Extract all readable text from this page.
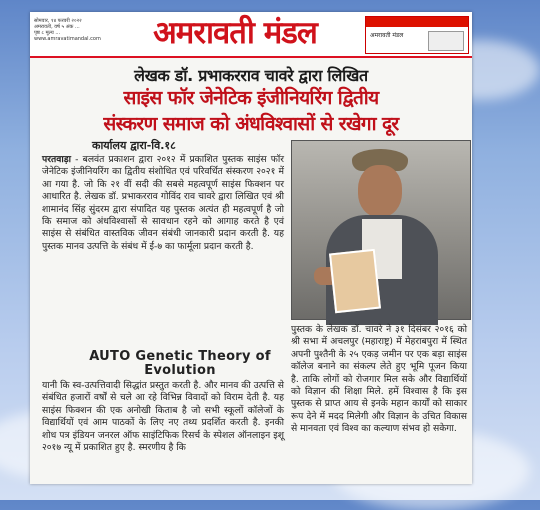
सोमवार, १४ फरवरी २०२२
अमरावती, वर्ष ५ अंक ...
पृष्ठ ८ मूल्य ...
www.amravatimandal.com	अमरावती मंडल	अमरावती मंडल
लेखक डॉ. प्रभाकरराव चावरे द्वारा लिखित
साइंस फॉर जेनेटिक इंजीनियरिंग द्वितीय
संस्करण समाज को अंधविश्वासों से रखेगा दूर
कार्यालय द्वारा-वि.१८
परतवाड़ा - बलवंत प्रकाशन द्वारा २०१२ में प्रकाशित पुस्तक साइंस फॉर जेनेटिक इंजीनियरिंग का द्वितीय संशोधित एवं परिवर्धित संस्करण २०२१ में आ गया है. जो कि २१ वीं सदी की सबसे महत्वपूर्ण साइंस फिक्शन पर आधारित है. लेखक डॉ. प्रभाकरराव गोविंद राव चावरे द्वारा लिखित एवं श्री शामानंद सिंह सुंदरम द्वारा संपादित यह पुस्तक अत्यंत ही महत्वपूर्ण है जो कि समाज को अंधविश्वासों से सावधान रहने को आगाह करते है एवं साइंस से संबंधित वास्तविक जीवन संबंधी जानकारी प्रदान करती है. यह पुस्तक मानव उत्पत्ति के संबंध में ई-७ का फार्मूला प्रदान करती है.
AUTO Genetic Theory of Evolution
यानी कि स्व-उत्पत्तिवादी सिद्धांत प्रस्तुत करती है. और मानव की उत्पत्ति से संबंधित हजारों वर्षों से चले आ रहे विभिन्न विवादों को विराम देती है. यह साइंस फिक्शन की एक अनोखी किताब है जो सभी स्कूलों कॉलेजों के विद्यार्थियों एवं आम पाठकों के लिए नए तथ्य प्रदर्शित करती है. इनकी शोध पत्र इंडियन जनरल ऑफ साइंटिफिक रिसर्च के स्पेशल ऑनलाइन इशू २०१७ न्यू में प्रकाशित हुए है. स्मरणीय है कि
पुस्तक के लेखक डॉ. चावरे ने ३१ दिसंबर २०१६ को श्री सभा में अचलपुर (महाराष्ट्र) में मेहराबपुरा में स्थित अपनी पुश्तैनी के २५ एकड़ जमीन पर एक बड़ा साइंस कॉलेज बनाने का संकल्प लेते हुए भूमि पूजन किया है. ताकि लोगों को रोजगार मिल सके और विद्यार्थियों को विज्ञान की शिक्षा मिले. हमें विश्वास है कि इस पुस्तक से प्राप्त आय से इनके महान कार्यों को साकार रूप देने में मदद मिलेगी और विज्ञान के उचित विकास से मानवता एवं विश्व का कल्याण संभव हो सकेगा.
